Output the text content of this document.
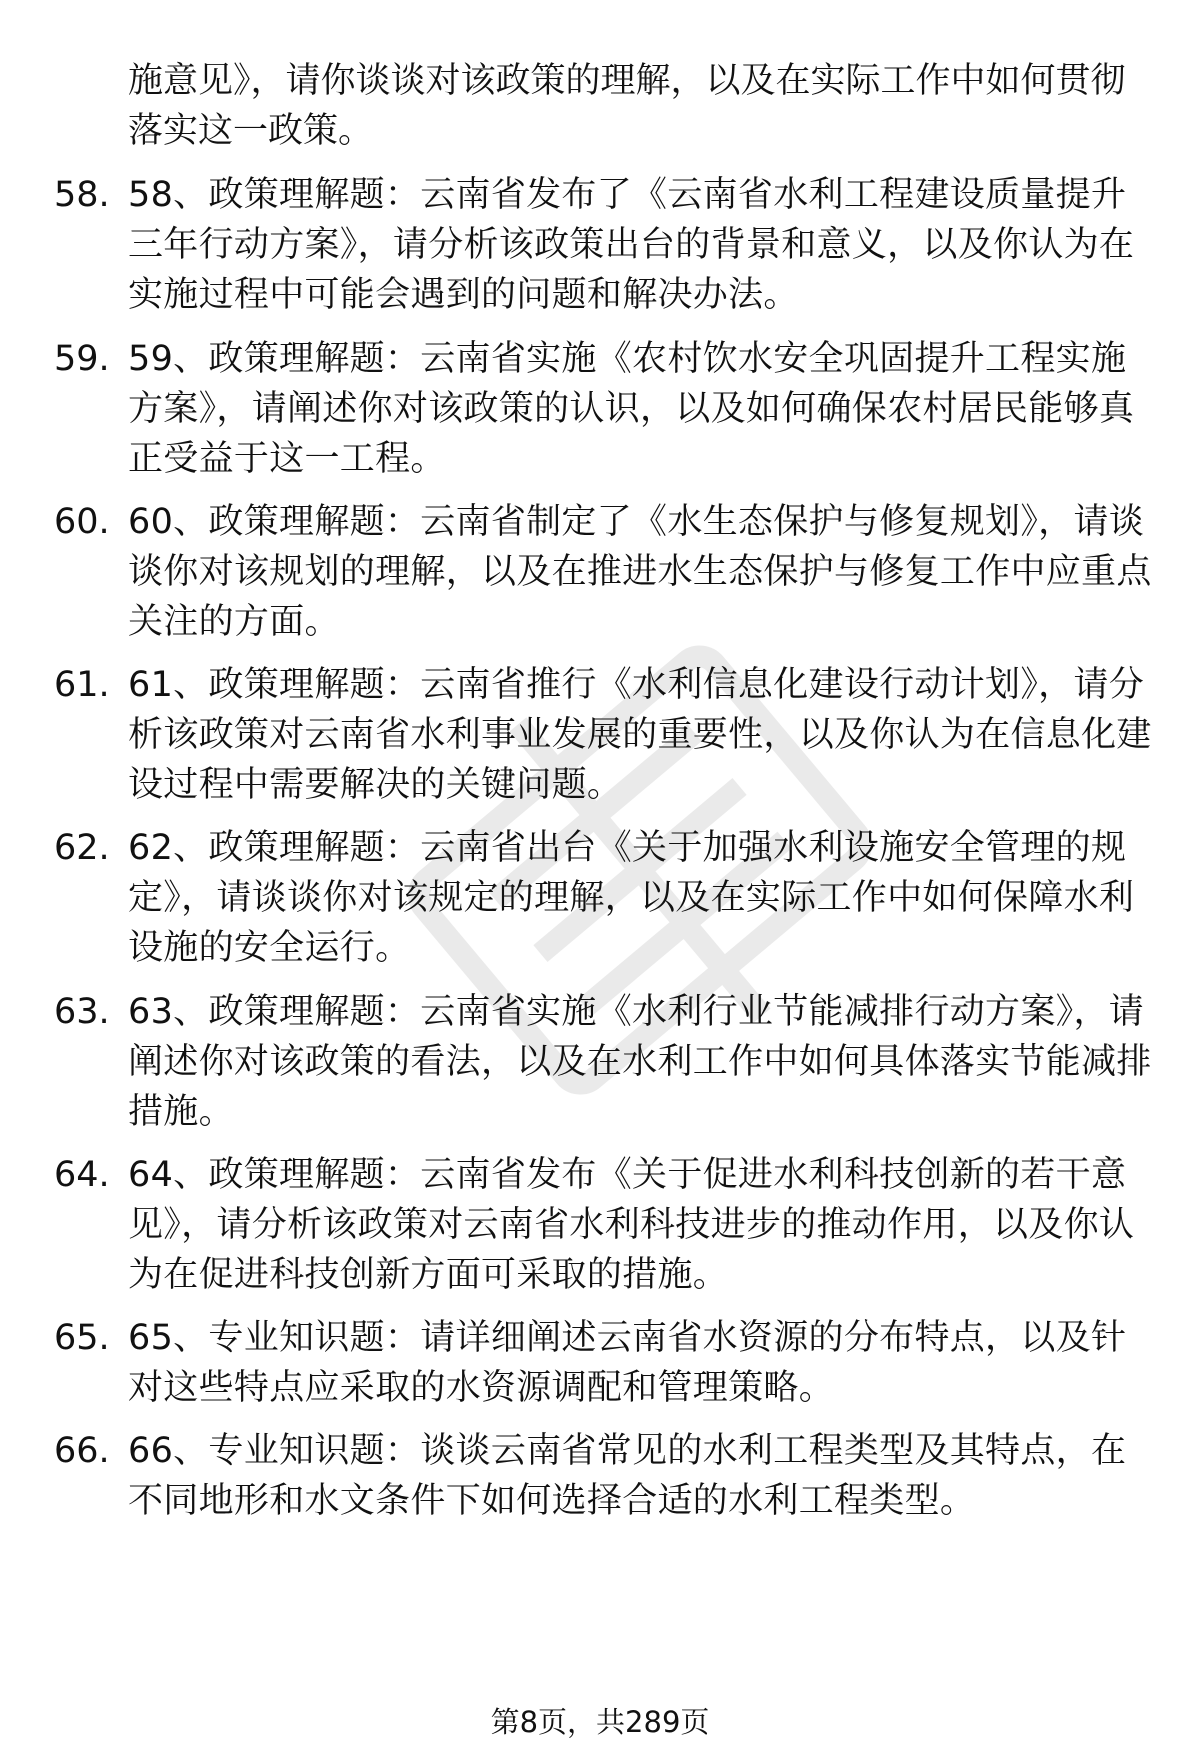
施意见》，请你谈谈对该政策的理解，以及在实际工作中如何贯彻落实这一政策。
58. 58、政策理解题：云南省发布了《云南省水利工程建设质量提升三年行动方案》，请分析该政策出台的背景和意义，以及你认为在实施过程中可能会遇到的问题和解决办法。
59. 59、政策理解题：云南省实施《农村饮水安全巩固提升工程实施方案》，请阐述你对该政策的认识，以及如何确保农村居民能够真正受益于这一工程。
60. 60、政策理解题：云南省制定了《水生态保护与修复规划》，请谈谈你对该规划的理解，以及在推进水生态保护与修复工作中应重点关注的方面。
61. 61、政策理解题：云南省推行《水利信息化建设行动计划》，请分析该政策对云南省水利事业发展的重要性，以及你认为在信息化建设过程中需要解决的关键问题。
62. 62、政策理解题：云南省出台《关于加强水利设施安全管理的规定》，请谈谈你对该规定的理解，以及在实际工作中如何保障水利设施的安全运行。
63. 63、政策理解题：云南省实施《水利行业节能减排行动方案》，请阐述你对该政策的看法，以及在水利工作中如何具体落实节能减排措施。
64. 64、政策理解题：云南省发布《关于促进水利科技创新的若干意见》，请分析该政策对云南省水利科技进步的推动作用，以及你认为在促进科技创新方面可采取的措施。
65. 65、专业知识题：请详细阐述云南省水资源的分布特点，以及针对这些特点应采取的水资源调配和管理策略。
66. 66、专业知识题：谈谈云南省常见的水利工程类型及其特点，在不同地形和水文条件下如何选择合适的水利工程类型。
第8页，共289页
